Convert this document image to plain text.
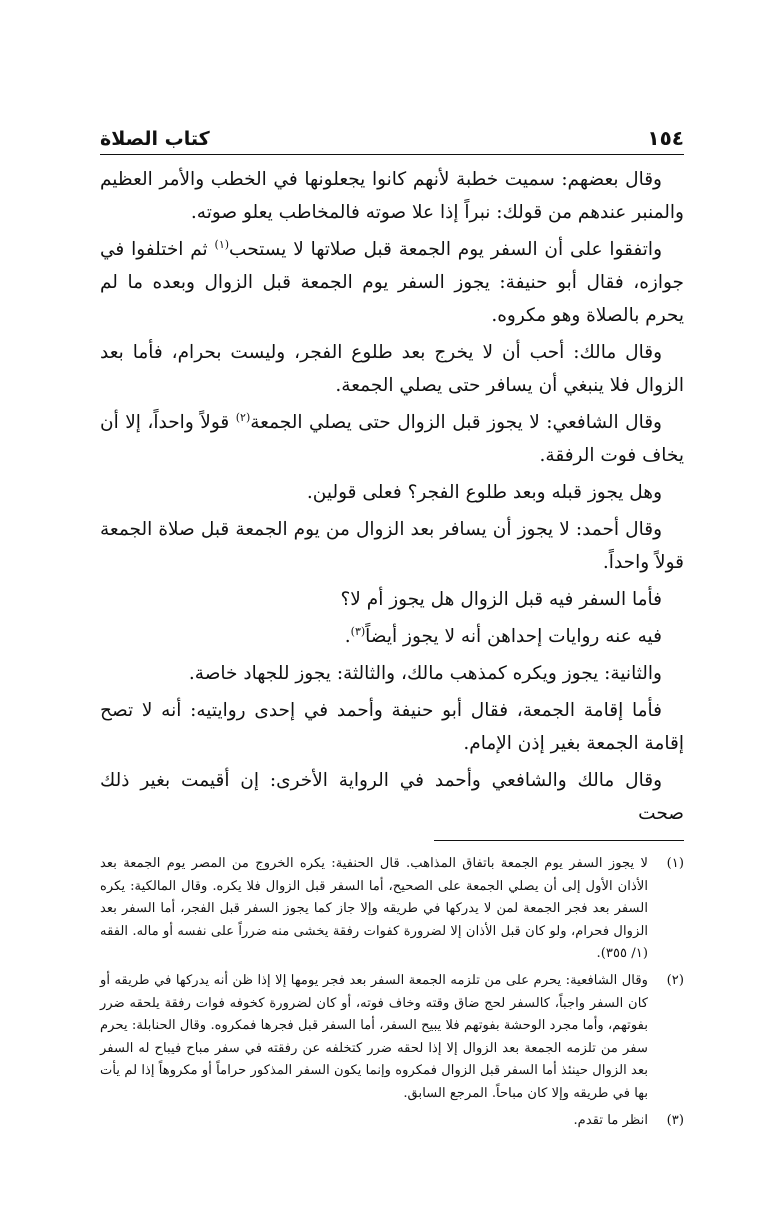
١٥٤
كتاب الصلاة

وقال بعضهم: سميت خطبة لأنهم كانوا يجعلونها في الخطب والأمر العظيم والمنبر عندهم من قولك: نبراً إذا علا صوته فالمخاطب يعلو صوته.

واتفقوا على أن السفر يوم الجمعة قبل صلاتها لا يستحب$^{(١)}$ ثم اختلفوا في جوازه، فقال أبو حنيفة: يجوز السفر يوم الجمعة قبل الزوال وبعده ما لم يحرم بالصلاة وهو مكروه.

وقال مالك: أحب أن لا يخرج بعد طلوع الفجر، وليست بحرام، فأما بعد الزوال فلا ينبغي أن يسافر حتى يصلي الجمعة.

وقال الشافعي: لا يجوز قبل الزوال حتى يصلي الجمعة$^{(٢)}$ قولاً واحداً، إلا أن يخاف فوت الرفقة.

وهل يجوز قبله وبعد طلوع الفجر؟ فعلى قولين.

وقال أحمد: لا يجوز أن يسافر بعد الزوال من يوم الجمعة قبل صلاة الجمعة قولاً واحداً.

فأما السفر فيه قبل الزوال هل يجوز أم لا؟

فيه عنه روايات إحداهن أنه لا يجوز أيضاً$^{(٣)}$.

والثانية: يجوز ويكره كمذهب مالك، والثالثة: يجوز للجهاد خاصة.

فأما إقامة الجمعة، فقال أبو حنيفة وأحمد في إحدى روايتيه: أنه لا تصح إقامة الجمعة بغير إذن الإمام.

وقال مالك والشافعي وأحمد في الرواية الأخرى: إن أقيمت بغير ذلك صحت

(١)
لا يجوز السفر يوم الجمعة باتفاق المذاهب. قال الحنفية: يكره الخروج من المصر يوم الجمعة بعد الأذان الأول إلى أن يصلي الجمعة على الصحيح، أما السفر قبل الزوال فلا يكره. وقال المالكية: يكره السفر بعد فجر الجمعة لمن لا يدركها في طريقه وإلا جاز كما يجوز السفر قبل الفجر، أما السفر بعد الزوال فحرام، ولو كان قبل الأذان إلا لضرورة كفوات رفقة يخشى منه ضرراً على نفسه أو ماله. الفقه (١/ ٣٥٥).
(٢)
وقال الشافعية: يحرم على من تلزمه الجمعة السفر بعد فجر يومها إلا إذا ظن أنه يدركها في طريقه أو كان السفر واجباً، كالسفر لحج ضاق وقته وخاف فوته، أو كان لضرورة كخوفه فوات رفقة يلحقه ضرر بفوتهم، وأما مجرد الوحشة بفوتهم فلا يبيح السفر، أما السفر قبل فجرها فمكروه. وقال الحنابلة: يحرم سفر من تلزمه الجمعة بعد الزوال إلا إذا لحقه ضرر كتخلفه عن رفقته في سفر مباح فيباح له السفر بعد الزوال حينئذ أما السفر قبل الزوال فمكروه وإنما يكون السفر المذكور حراماً أو مكروهاً إذا لم يأت بها في طريقه وإلا كان مباحاً. المرجع السابق.
(٣)
انظر ما تقدم.
